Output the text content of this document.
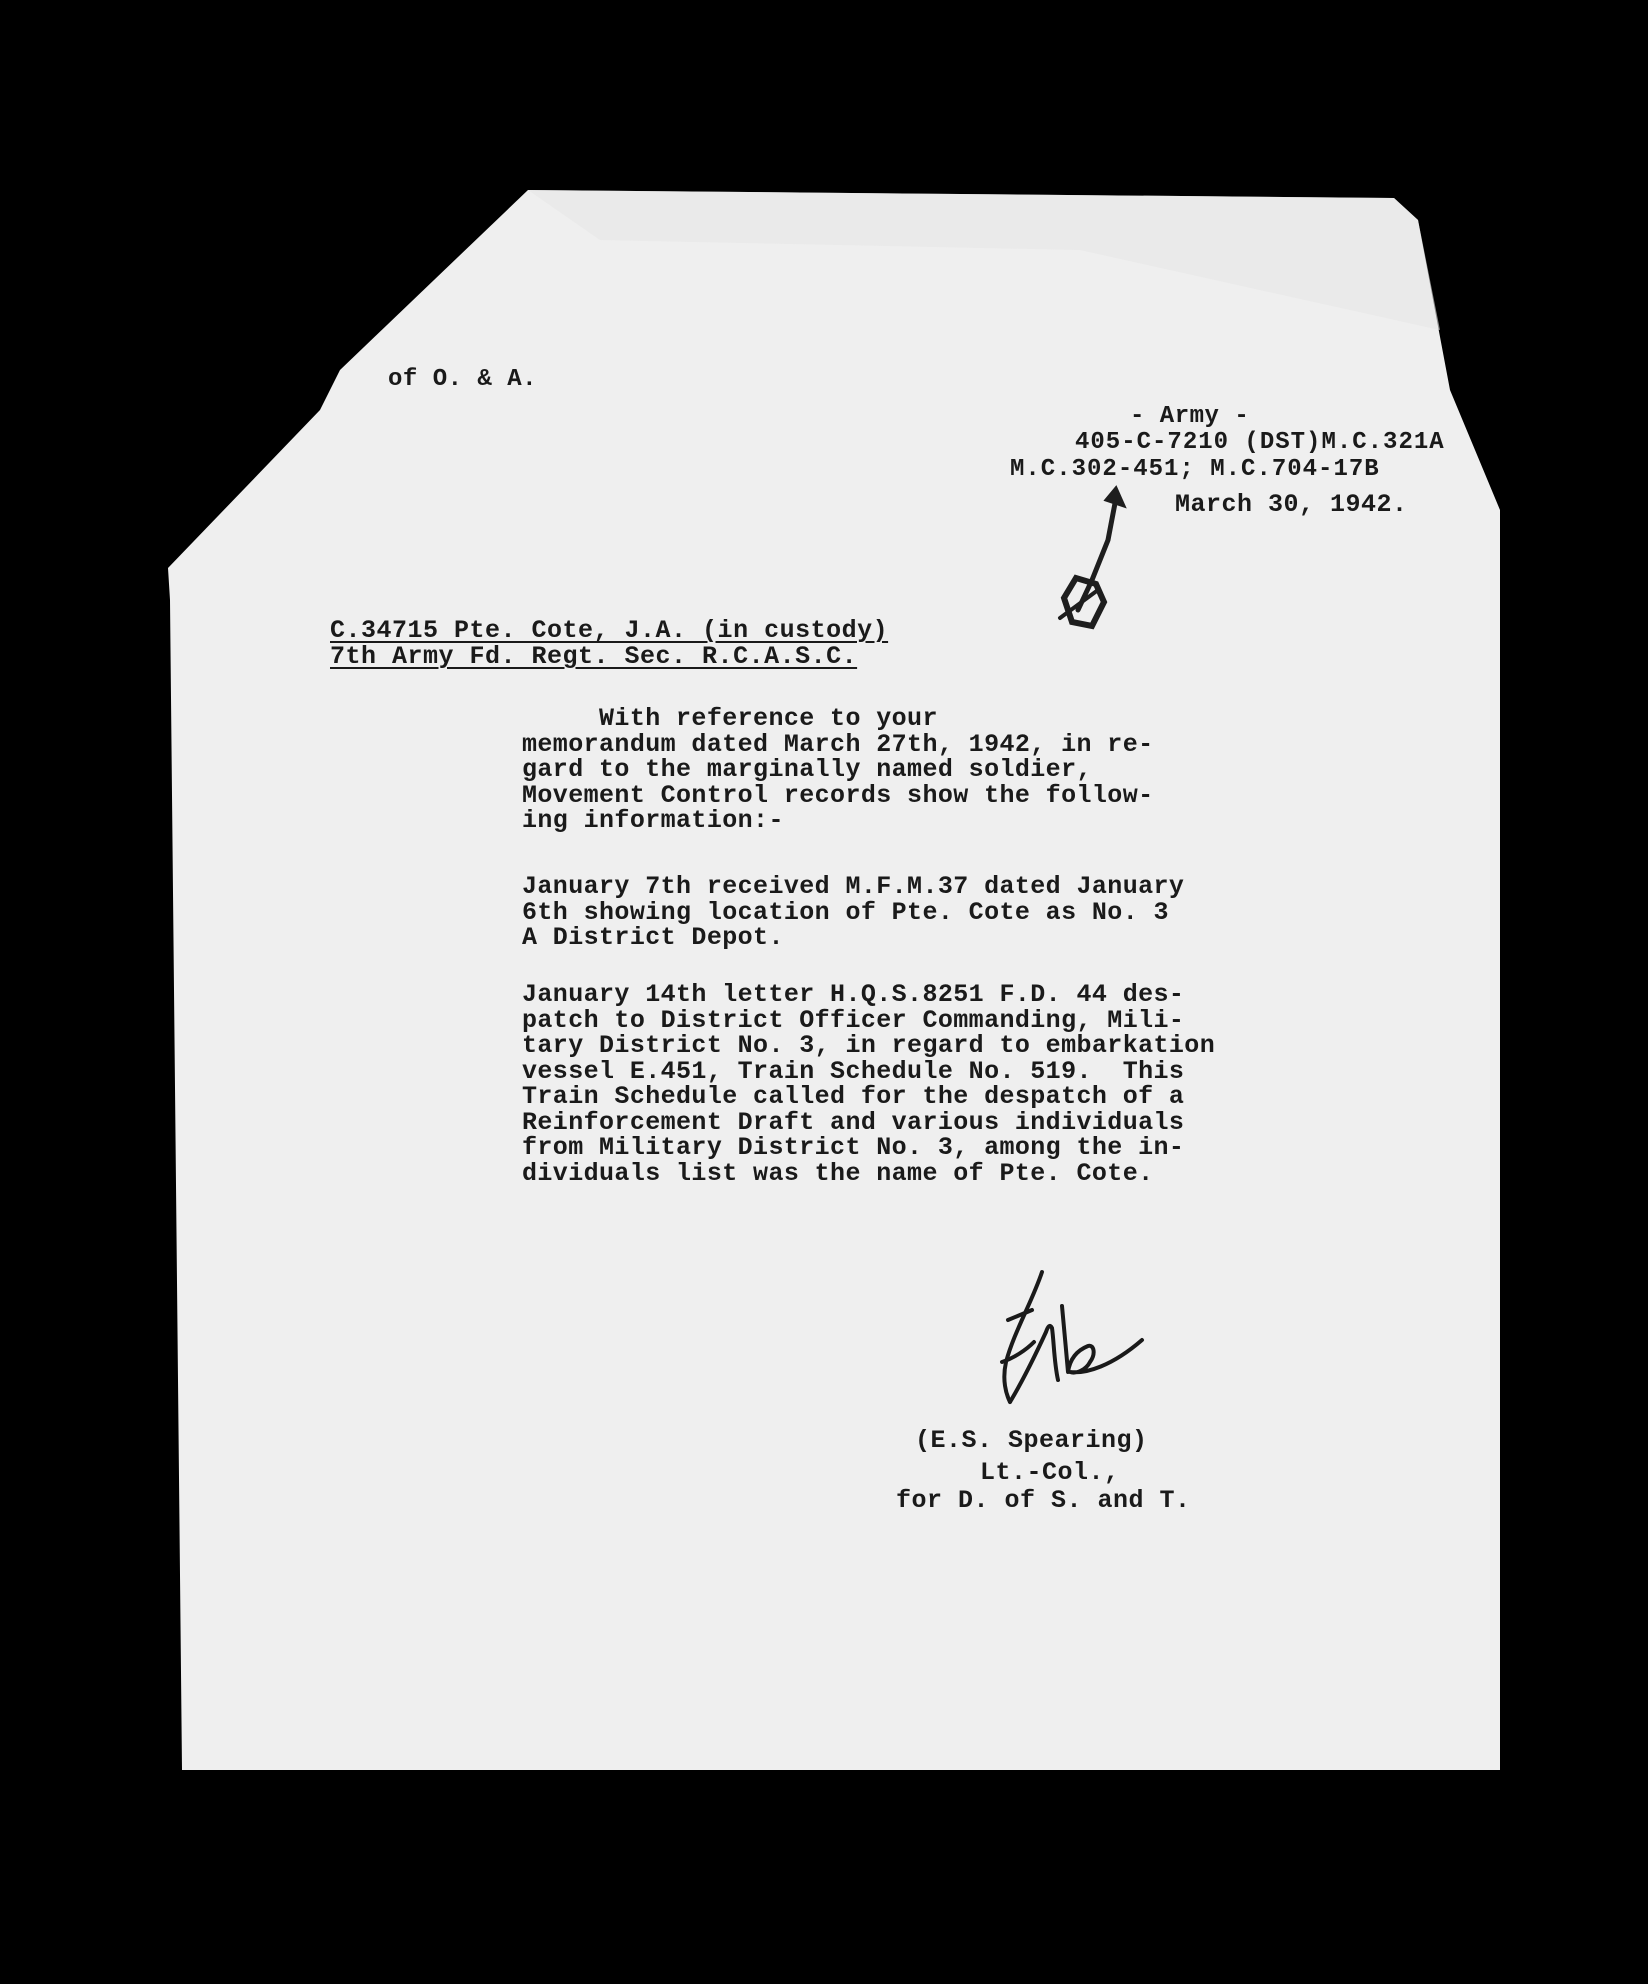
of O. & A.
- Army -
405-C-7210 (DST)M.C.321A
M.C.302-451; M.C.704-17B
March 30, 1942.
C.34715 Pte. Cote, J.A. (in custody)
7th Army Fd. Regt. Sec. R.C.A.S.C.
With reference to your
memorandum dated March 27th, 1942, in re-
gard to the marginally named soldier,
Movement Control records show the follow-
ing information:-
January 7th received M.F.M.37 dated January
6th showing location of Pte. Cote as No. 3
A District Depot.
January 14th letter H.Q.S.8251 F.D. 44 des-
patch to District Officer Commanding, Mili-
tary District No. 3, in regard to embarkation
vessel E.451, Train Schedule No. 519.  This
Train Schedule called for the despatch of a
Reinforcement Draft and various individuals
from Military District No. 3, among the in-
dividuals list was the name of Pte. Cote.
(E.S. Spearing)
Lt.-Col.,
for D. of S. and T.
